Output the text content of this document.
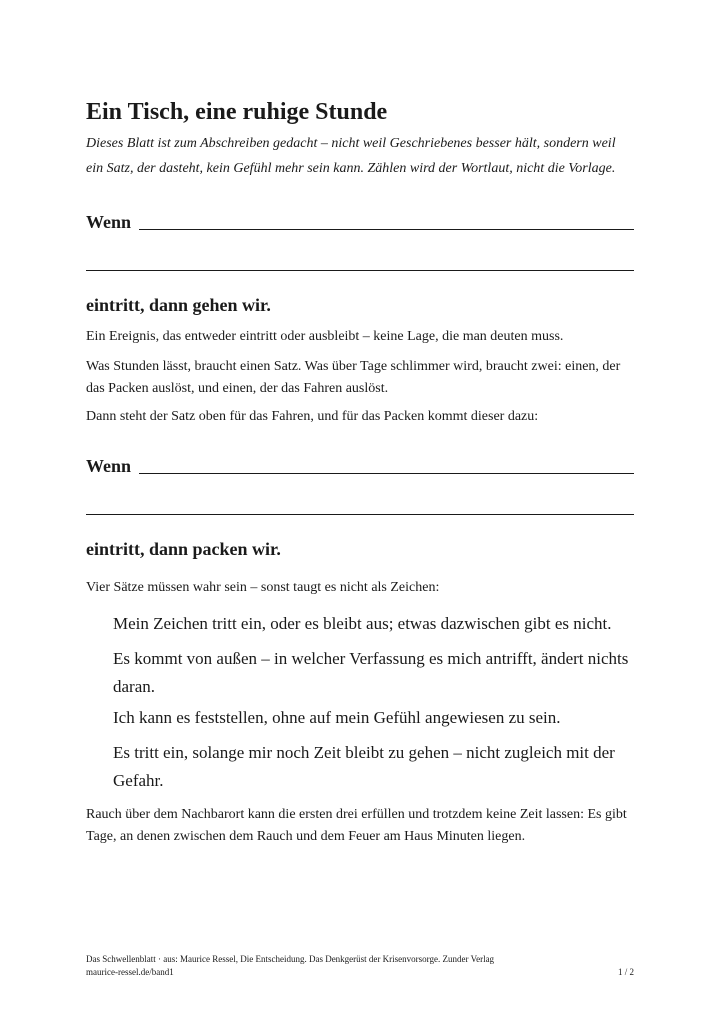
Ein Tisch, eine ruhige Stunde

Dieses Blatt ist zum Abschreiben gedacht – nicht weil Geschriebenes besser hält, sondern weil ein Satz, der dasteht, kein Gefühl mehr sein kann. Zählen wird der Wortlaut, nicht die Vorlage.

Wenn
eintritt, dann gehen wir.

Ein Ereignis, das entweder eintritt oder ausbleibt – keine Lage, die man deuten muss.

Was Stunden lässt, braucht einen Satz. Was über Tage schlimmer wird, braucht zwei: einen, der das Packen auslöst, und einen, der das Fahren auslöst.

Dann steht der Satz oben für das Fahren, und für das Packen kommt dieser dazu:

Wenn
eintritt, dann packen wir.

Vier Sätze müssen wahr sein – sonst taugt es nicht als Zeichen:

Mein Zeichen tritt ein, oder es bleibt aus; etwas dazwischen gibt es nicht.

Es kommt von außen – in welcher Verfassung es mich antrifft, ändert nichts daran.

Ich kann es feststellen, ohne auf mein Gefühl angewiesen zu sein.

Es tritt ein, solange mir noch Zeit bleibt zu gehen – nicht zugleich mit der Gefahr.

Rauch über dem Nachbarort kann die ersten drei erfüllen und trotzdem keine Zeit lassen: Es gibt Tage, an denen zwischen dem Rauch und dem Feuer am Haus Minuten liegen.

Das Schwellenblatt · aus: Maurice Ressel, Die Entscheidung. Das Denkgerüst der Krisenvorsorge. Zunder Verlag
maurice-ressel.de/band1	1 / 2
